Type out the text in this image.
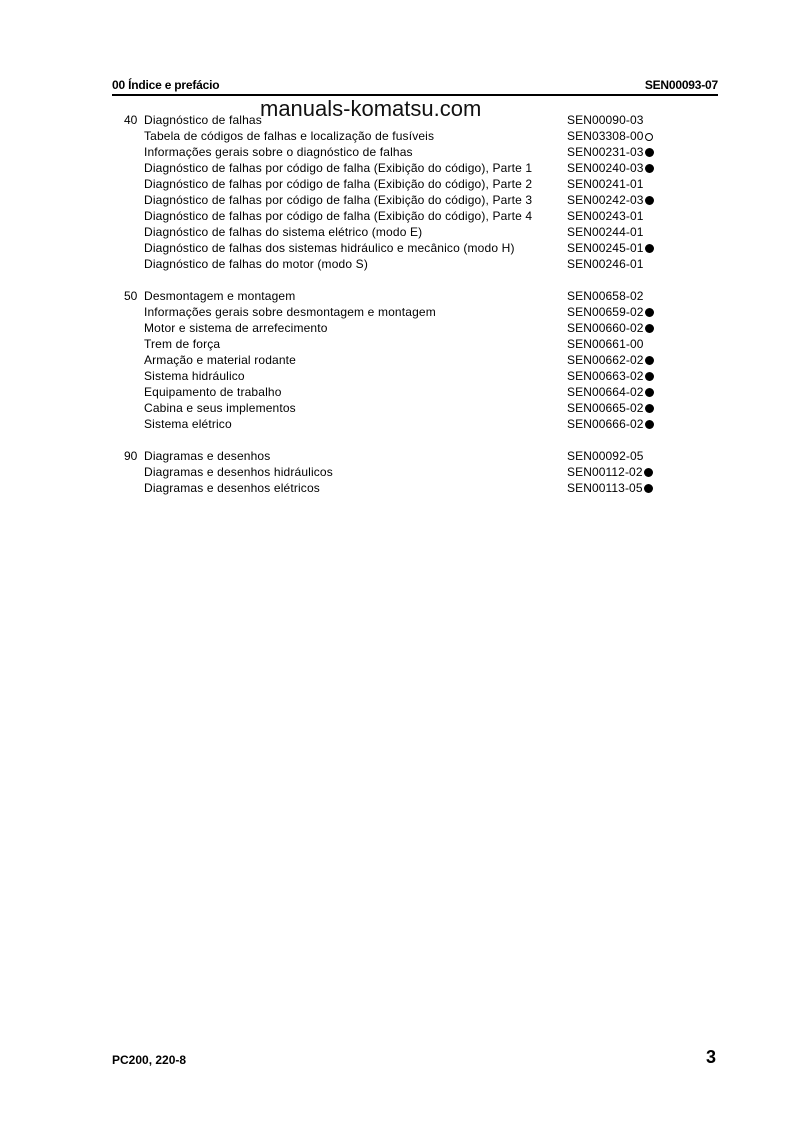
00 Índice e prefácio	SEN00093-07
manuals-komatsu.com
40 Diagnóstico de falhas	SEN00090-03
Tabela de códigos de falhas e localização de fusíveis	SEN03308-00
Informações gerais sobre o diagnóstico de falhas	SEN00231-03
Diagnóstico de falhas por código de falha (Exibição do código), Parte 1	SEN00240-03
Diagnóstico de falhas por código de falha (Exibição do código), Parte 2	SEN00241-01
Diagnóstico de falhas por código de falha (Exibição do código), Parte 3	SEN00242-03
Diagnóstico de falhas por código de falha (Exibição do código), Parte 4	SEN00243-01
Diagnóstico de falhas do sistema elétrico (modo E)	SEN00244-01
Diagnóstico de falhas dos sistemas hidráulico e mecânico (modo H)	SEN00245-01
Diagnóstico de falhas do motor (modo S)	SEN00246-01
50 Desmontagem e montagem	SEN00658-02
Informações gerais sobre desmontagem e montagem	SEN00659-02
Motor e sistema de arrefecimento	SEN00660-02
Trem de força	SEN00661-00
Armação e material rodante	SEN00662-02
Sistema hidráulico	SEN00663-02
Equipamento de trabalho	SEN00664-02
Cabina e seus implementos	SEN00665-02
Sistema elétrico	SEN00666-02
90 Diagramas e desenhos	SEN00092-05
Diagramas e desenhos hidráulicos	SEN00112-02
Diagramas e desenhos elétricos	SEN00113-05
PC200, 220-8	3
